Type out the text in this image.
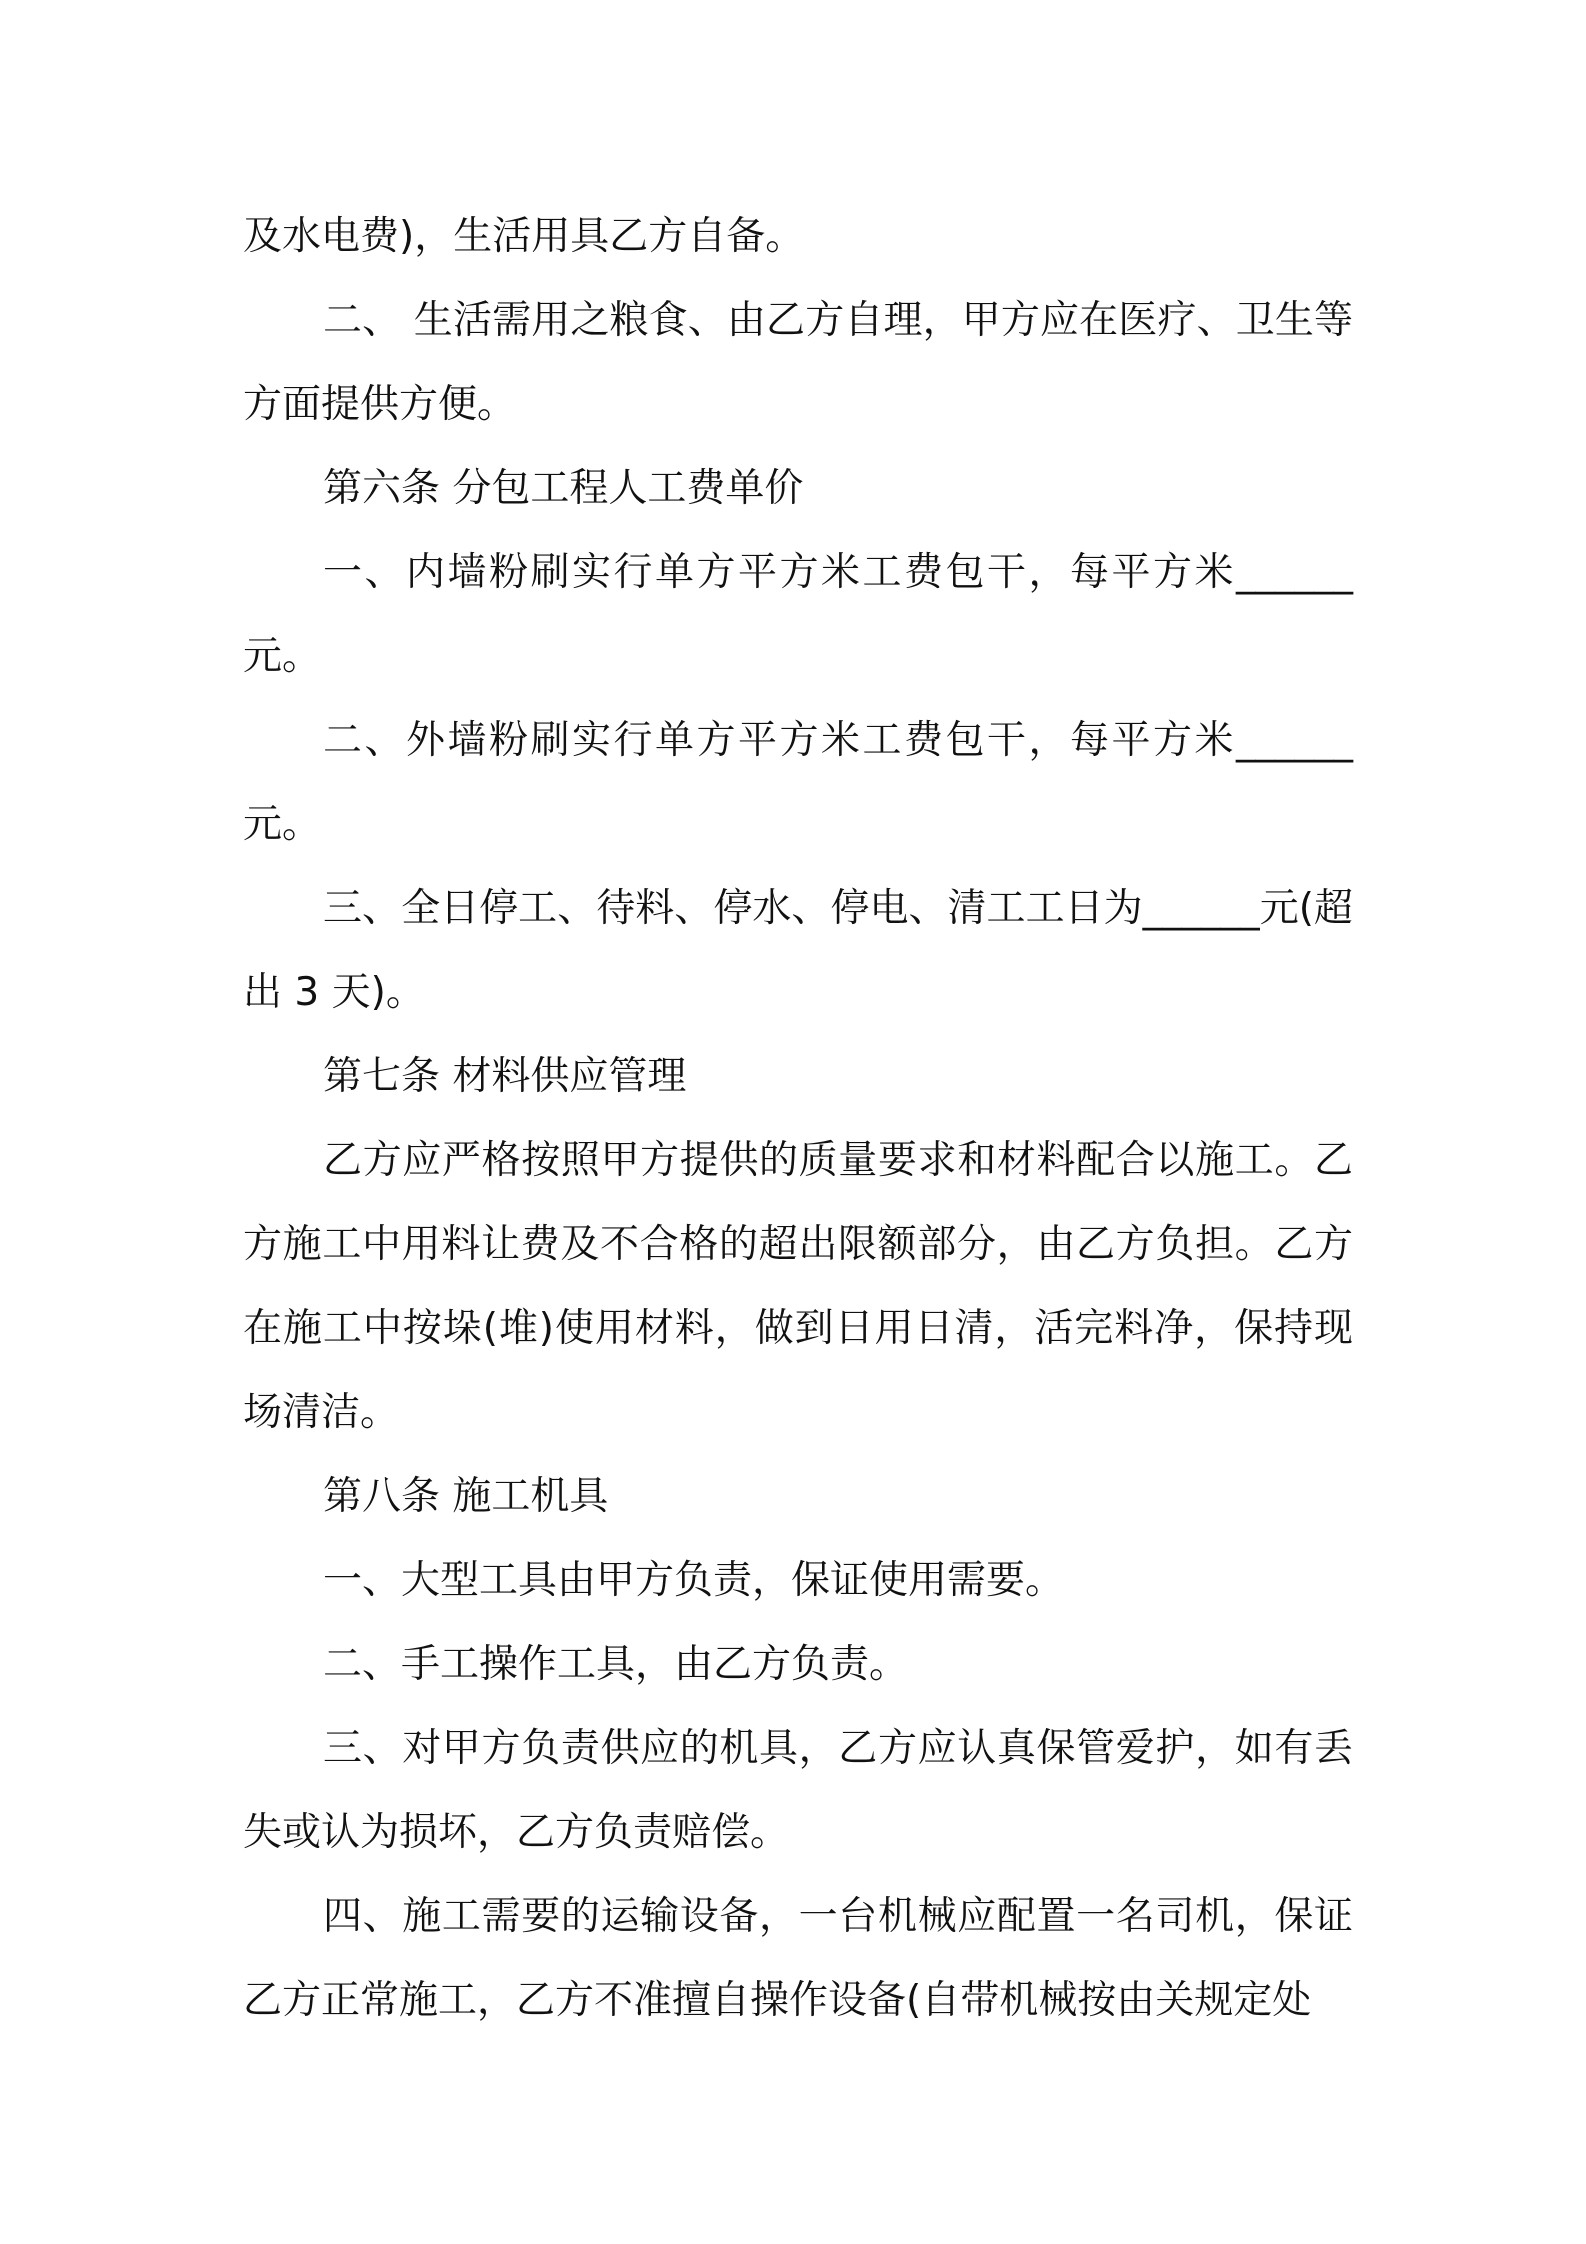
及水电费)，生活用具乙方自备。

二、 生活需用之粮食、由乙方自理，甲方应在医疗、卫生等方面提供方便。

第六条 分包工程人工费单价

一、内墙粉刷实行单方平方米工费包干，每平方米______元。

二、外墙粉刷实行单方平方米工费包干，每平方米______元。

三、全日停工、待料、停水、停电、清工工日为______元(超出 3 天)。

第七条 材料供应管理

乙方应严格按照甲方提供的质量要求和材料配合以施工。乙方施工中用料让费及不合格的超出限额部分，由乙方负担。乙方在施工中按垛(堆)使用材料，做到日用日清，活完料净，保持现场清洁。

第八条 施工机具

一、大型工具由甲方负责，保证使用需要。

二、手工操作工具，由乙方负责。

三、对甲方负责供应的机具，乙方应认真保管爱护，如有丢失或认为损坏，乙方负责赔偿。

四、施工需要的运输设备，一台机械应配置一名司机，保证乙方正常施工，乙方不准擅自操作设备(自带机械按由关规定处
